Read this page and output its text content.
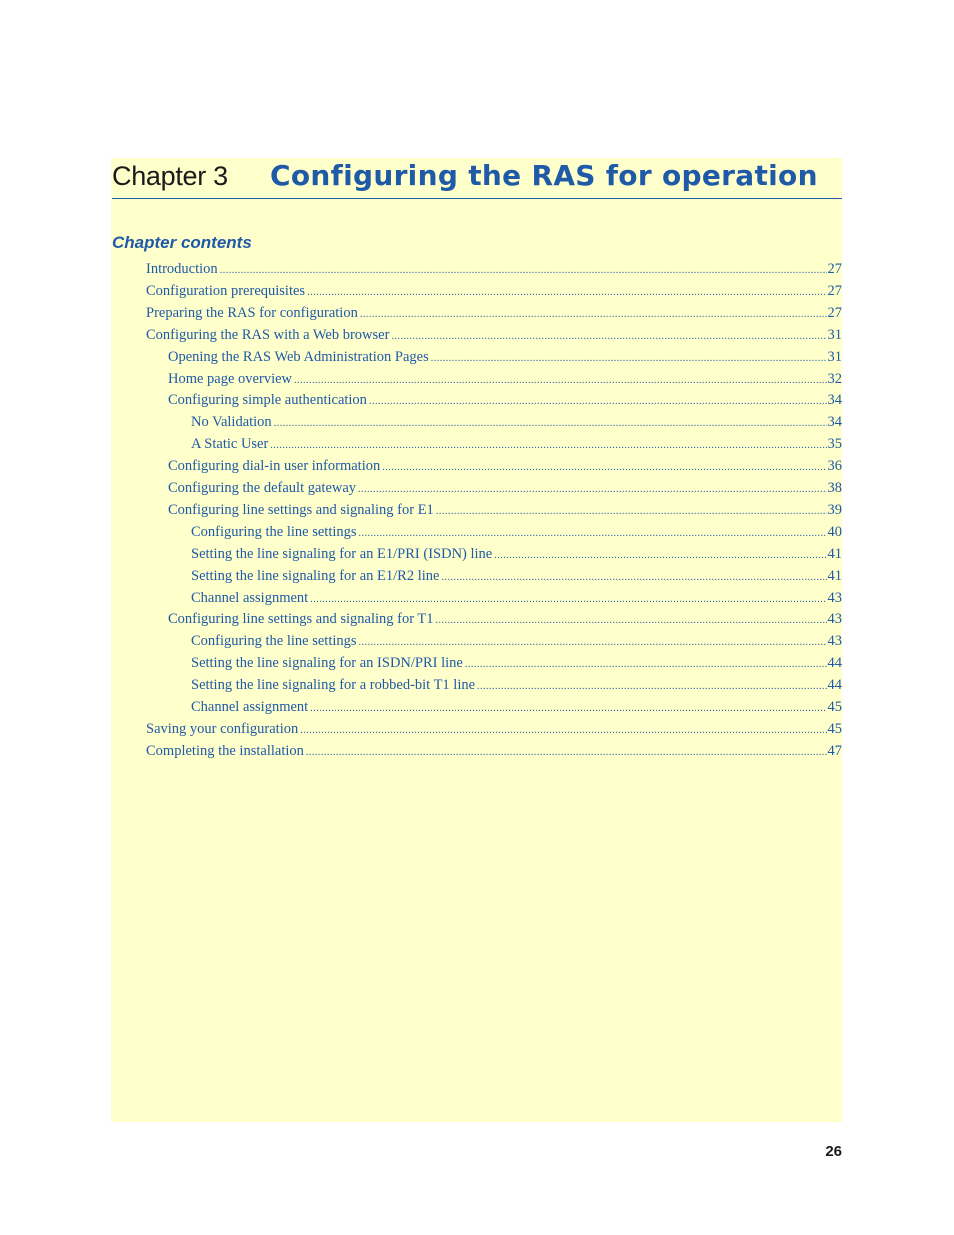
Chapter 3 Configuring the RAS for operation
Chapter contents
Introduction .....	27
Configuration prerequisites .....	27
Preparing the RAS for configuration .....	27
Configuring the RAS with a Web browser .....	31
Opening the RAS Web Administration Pages .....	31
Home page overview .....	32
Configuring simple authentication .....	34
No Validation .....	34
A Static User .....	35
Configuring dial-in user information .....	36
Configuring the default gateway .....	38
Configuring line settings and signaling for E1 .....	39
Configuring the line settings .....	40
Setting the line signaling for an E1/PRI (ISDN) line .....	41
Setting the line signaling for an E1/R2 line .....	41
Channel assignment .....	43
Configuring line settings and signaling for T1 .....	43
Configuring the line settings .....	43
Setting the line signaling for an ISDN/PRI line .....	44
Setting the line signaling for a robbed-bit T1 line .....	44
Channel assignment .....	45
Saving your configuration .....	45
Completing the installation .....	47
26
